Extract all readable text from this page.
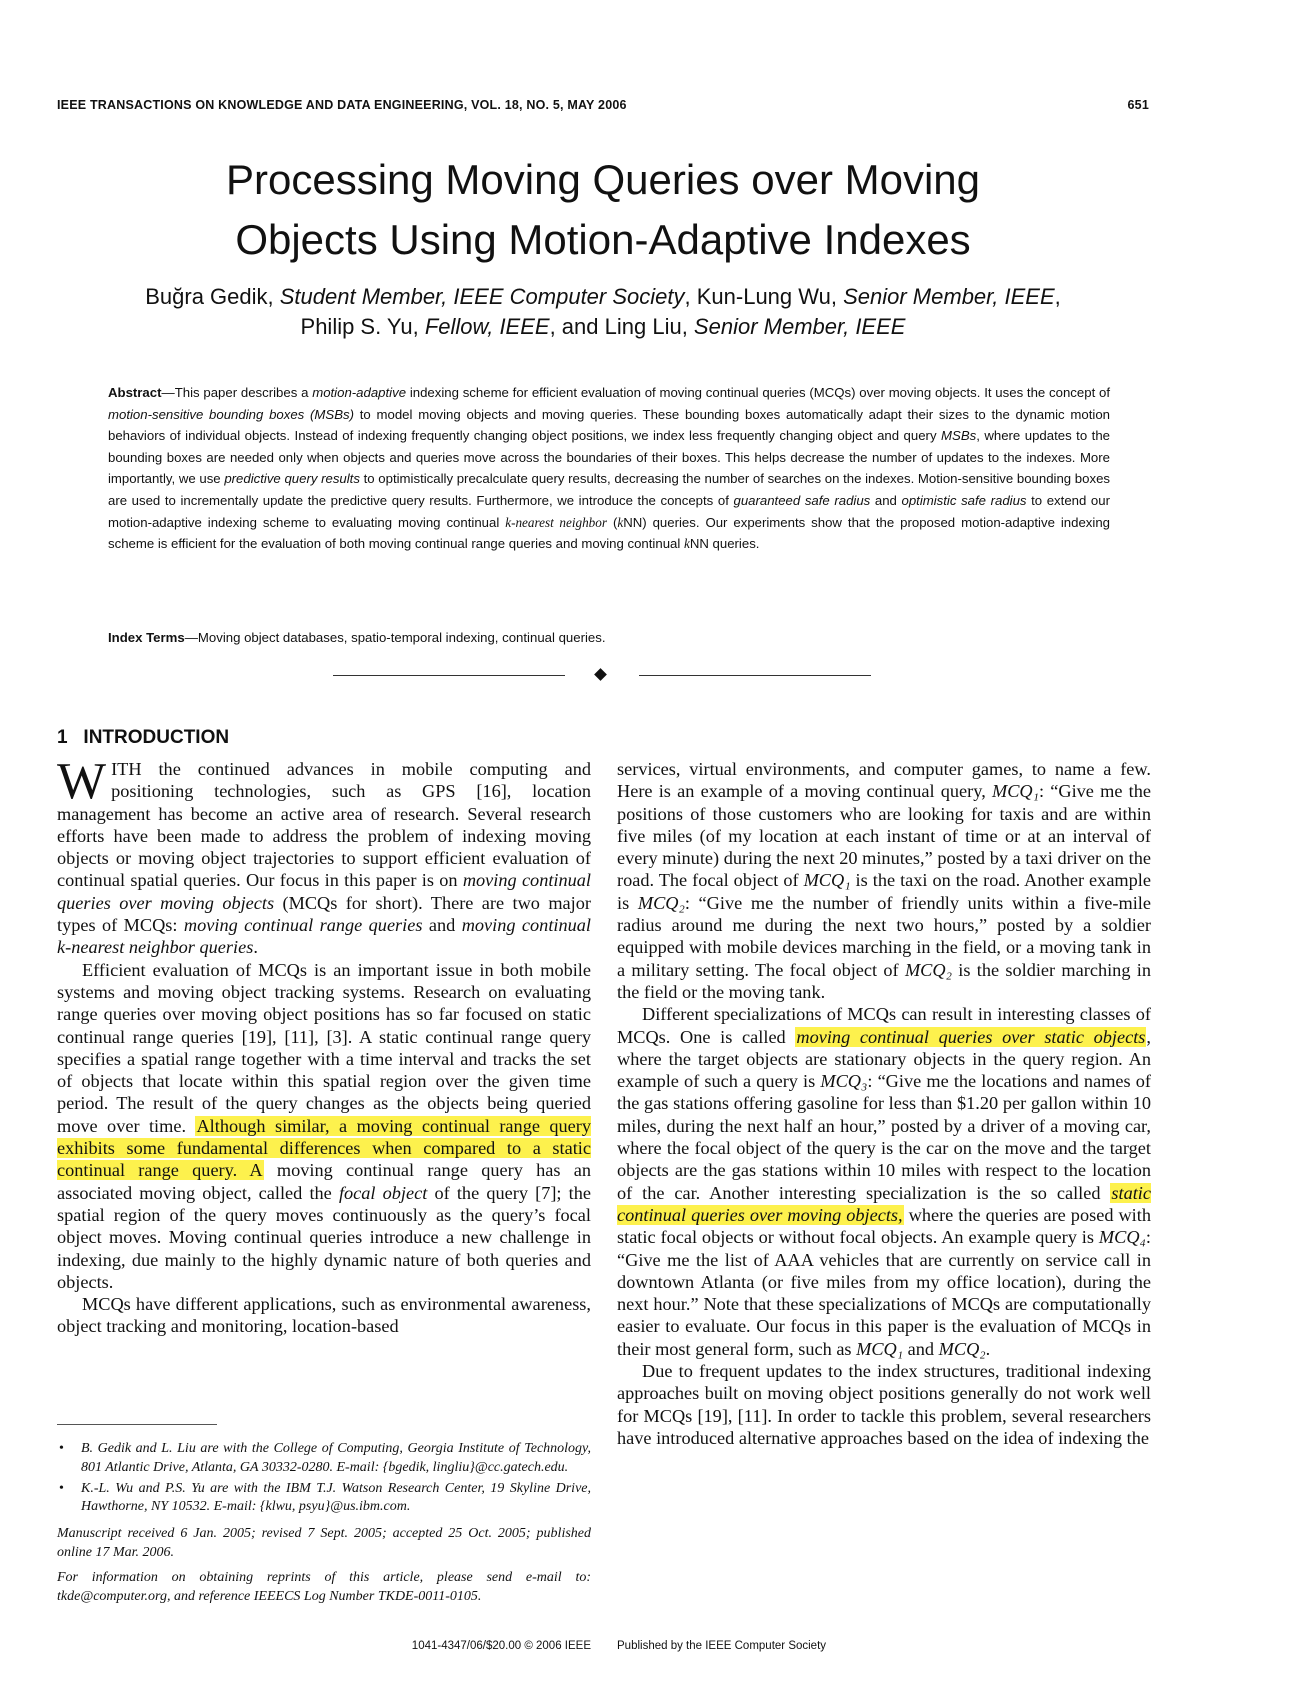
IEEE TRANSACTIONS ON KNOWLEDGE AND DATA ENGINEERING, VOL. 18, NO. 5, MAY 2006	651
Processing Moving Queries over Moving
Objects Using Motion-Adaptive Indexes
Buğra Gedik, Student Member, IEEE Computer Society, Kun-Lung Wu, Senior Member, IEEE,
Philip S. Yu, Fellow, IEEE, and Ling Liu, Senior Member, IEEE
Abstract—This paper describes a motion-adaptive indexing scheme for efficient evaluation of moving continual queries (MCQs) over moving objects. It uses the concept of motion-sensitive bounding boxes (MSBs) to model moving objects and moving queries. These bounding boxes automatically adapt their sizes to the dynamic motion behaviors of individual objects. Instead of indexing frequently changing object positions, we index less frequently changing object and query MSBs, where updates to the bounding boxes are needed only when objects and queries move across the boundaries of their boxes. This helps decrease the number of updates to the indexes. More importantly, we use predictive query results to optimistically precalculate query results, decreasing the number of searches on the indexes. Motion-sensitive bounding boxes are used to incrementally update the predictive query results. Furthermore, we introduce the concepts of guaranteed safe radius and optimistic safe radius to extend our motion-adaptive indexing scheme to evaluating moving continual k-nearest neighbor (kNN) queries. Our experiments show that the proposed motion-adaptive indexing scheme is efficient for the evaluation of both moving continual range queries and moving continual kNN queries.
Index Terms—Moving object databases, spatio-temporal indexing, continual queries.
1 INTRODUCTION

WITH the continued advances in mobile computing and positioning technologies, such as GPS [16], location management has become an active area of research. Several research efforts have been made to address the problem of indexing moving objects or moving object trajectories to support efficient evaluation of continual spatial queries. Our focus in this paper is on moving continual queries over moving objects (MCQs for short). There are two major types of MCQs: moving continual range queries and moving continual k-nearest neighbor queries.

Efficient evaluation of MCQs is an important issue in both mobile systems and moving object tracking systems. Research on evaluating range queries over moving object positions has so far focused on static continual range queries [19], [11], [3]. A static continual range query specifies a spatial range together with a time interval and tracks the set of objects that locate within this spatial region over the given time period. The result of the query changes as the objects being queried move over time. Although similar, a moving continual range query exhibits some fundamental differences when compared to a static continual range query. A moving continual range query has an associated moving object, called the focal object of the query [7]; the spatial region of the query moves continuously as the query’s focal object moves. Moving continual queries introduce a new challenge in indexing, due mainly to the highly dynamic nature of both queries and objects.

MCQs have different applications, such as environmental awareness, object tracking and monitoring, location-based

services, virtual environments, and computer games, to name a few. Here is an example of a moving continual query, MCQ₁: “Give me the positions of those customers who are looking for taxis and are within five miles (of my location at each instant of time or at an interval of every minute) during the next 20 minutes,” posted by a taxi driver on the road. The focal object of MCQ₁ is the taxi on the road. Another example is MCQ₂: “Give me the number of friendly units within a five-mile radius around me during the next two hours,” posted by a soldier equipped with mobile devices marching in the field, or a moving tank in a military setting. The focal object of MCQ₂ is the soldier marching in the field or the moving tank.

Different specializations of MCQs can result in interesting classes of MCQs. One is called moving continual queries over static objects, where the target objects are stationary objects in the query region. An example of such a query is MCQ₃: “Give me the locations and names of the gas stations offering gasoline for less than $1.20 per gallon within 10 miles, during the next half an hour,” posted by a driver of a moving car, where the focal object of the query is the car on the move and the target objects are the gas stations within 10 miles with respect to the location of the car. Another interesting specialization is the so called static continual queries over moving objects, where the queries are posed with static focal objects or without focal objects. An example query is MCQ₄: “Give me the list of AAA vehicles that are currently on service call in downtown Atlanta (or five miles from my office location), during the next hour.” Note that these specializations of MCQs are computationally easier to evaluate. Our focus in this paper is the evaluation of MCQs in their most general form, such as MCQ₁ and MCQ₂.

Due to frequent updates to the index structures, traditional indexing approaches built on moving object positions generally do not work well for MCQs [19], [11]. In order to tackle this problem, several researchers have introduced alternative approaches based on the idea of indexing the

• B. Gedik and L. Liu are with the College of Computing, Georgia Institute of Technology, 801 Atlantic Drive, Atlanta, GA 30332-0280. E-mail: {bgedik, lingliu}@cc.gatech.edu.

• K.-L. Wu and P.S. Yu are with the IBM T.J. Watson Research Center, 19 Skyline Drive, Hawthorne, NY 10532. E-mail: {klwu, psyu}@us.ibm.com.

Manuscript received 6 Jan. 2005; revised 7 Sept. 2005; accepted 25 Oct. 2005; published online 17 Mar. 2006.

For information on obtaining reprints of this article, please send e-mail to: tkde@computer.org, and reference IEEECS Log Number TKDE-0011-0105.

1041-4347/06/$20.00 © 2006 IEEE Published by the IEEE Computer Society
